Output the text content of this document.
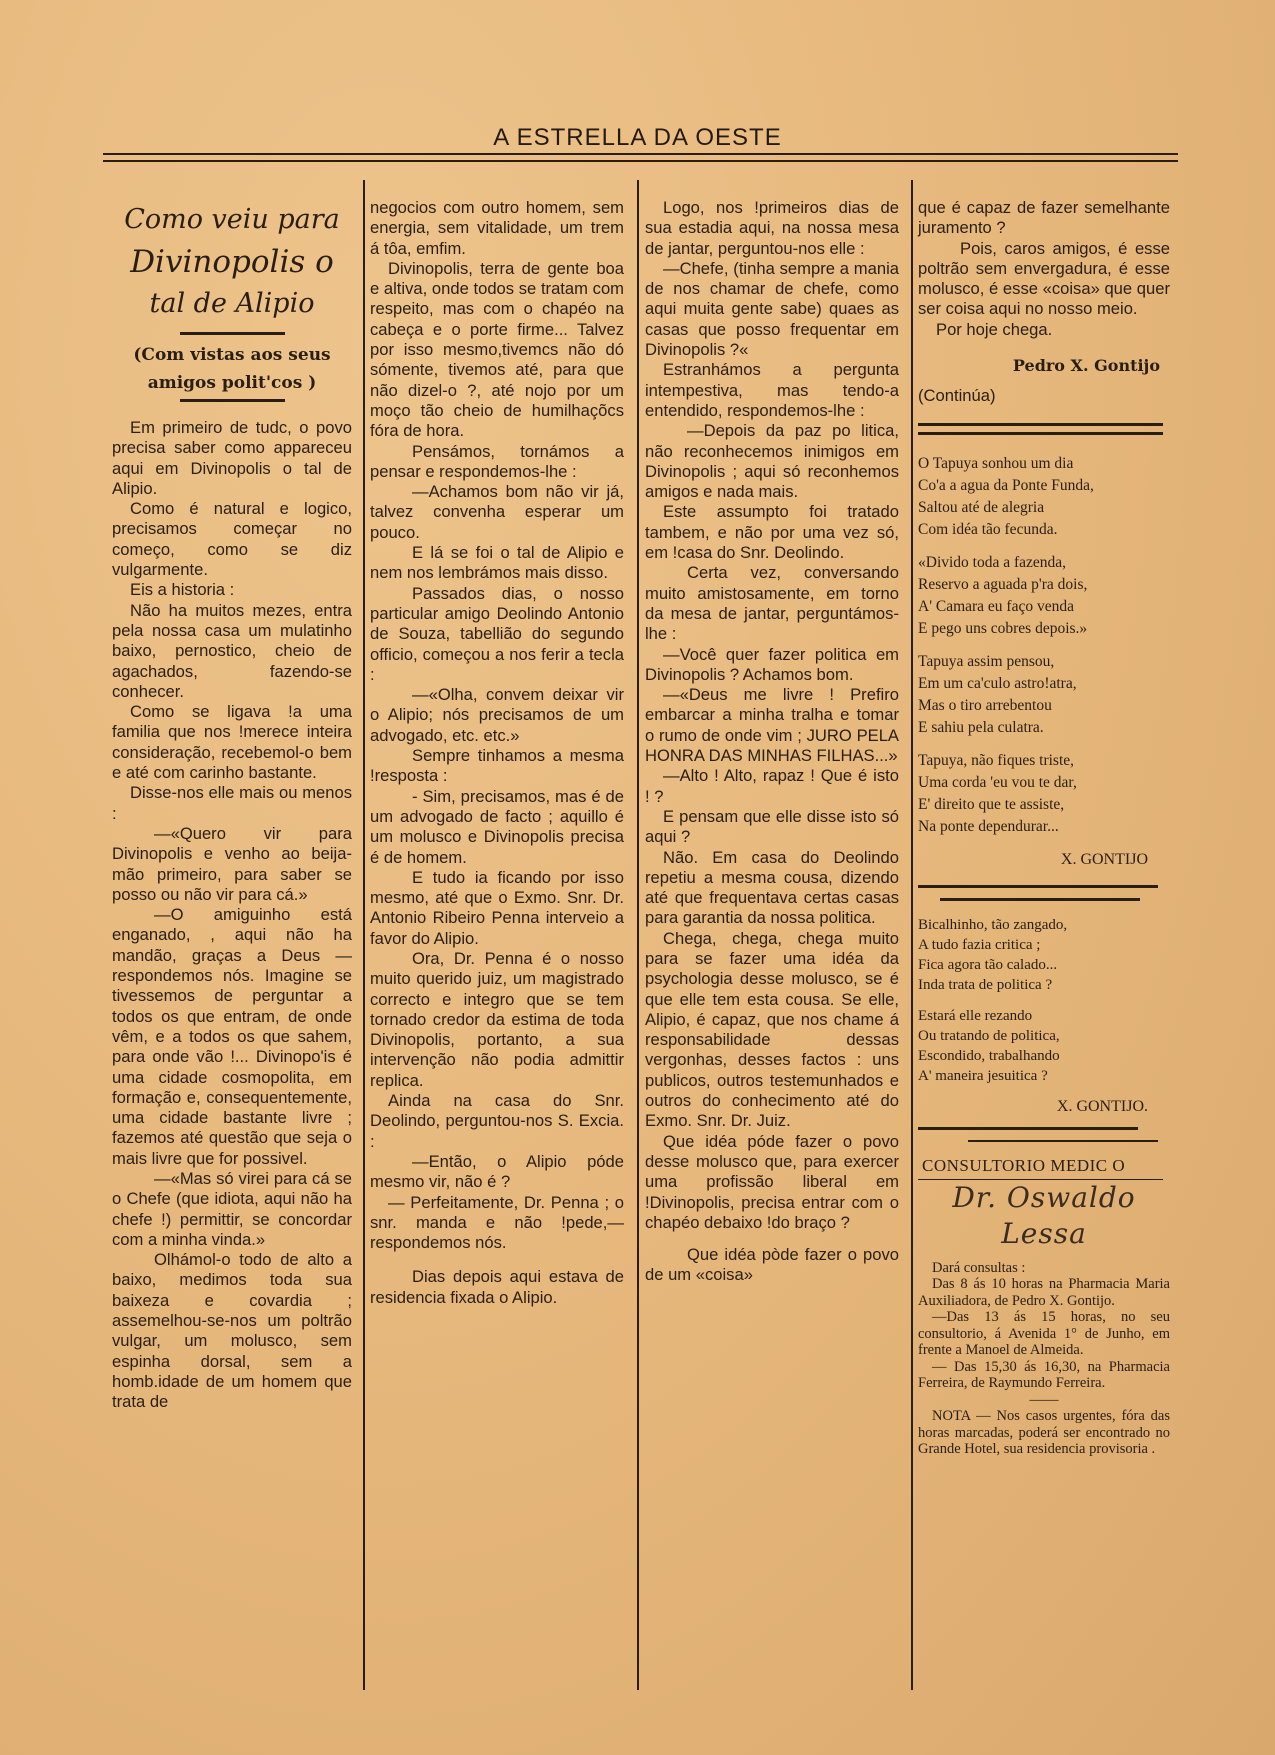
A ESTRELLA DA OESTE
Como veiu para
Divinopolis o
tal de Alipio
(Com vistas aos seus
amigos polit'cos )

Em primeiro de tudc, o povo precisa saber como appareceu aqui em Divinopolis o tal de Alipio.

Como é natural e logico, precisamos começar no começo, como se diz vulgarmente.

Eis a historia :

Não ha muitos mezes, entra pela nossa casa um mulatinho baixo, pernostico, cheio de agachados, fazendo-se conhecer.

Como se ligava !a uma familia que nos !merece inteira consideração, recebemol-o bem e até com carinho bastante.

Disse-nos elle mais ou menos :

—«Quero vir para Divinopolis e venho ao beija-mão primeiro, para saber se posso ou não vir para cá.»

—O amiguinho está enganado, , aqui não ha mandão, graças a Deus —respondemos nós. Imagine se tivessemos de perguntar a todos os que entram, de onde vêm, e a todos os que sahem, para onde vão !... Divinopo'is é uma cidade cosmopolita, em formação e, consequentemente, uma cidade bastante livre ; fazemos até questão que seja o mais livre que for possivel.

—«Mas só virei para cá se o Chefe (que idiota, aqui não ha chefe !) permittir, se concordar com a minha vinda.»

Olhámol-o todo de alto a baixo, medimos toda sua baixeza e covardia ; assemelhou-se-nos um poltrão vulgar, um molusco, sem espinha dorsal, sem a homb.idade de um homem que trata de

negocios com outro homem, sem energia, sem vitalidade, um trem á tôa, emfim.

Divinopolis, terra de gente boa e altiva, onde todos se tratam com respeito, mas com o chapéo na cabeça e o porte firme... Talvez por isso mesmo,tivemcs não dó sómente, tivemos até, para que não dizel-o ?, até nojo por um moço tão cheio de humilhaçõcs fóra de hora.

Pensámos, tornámos a pensar e respondemos-lhe :

—Achamos bom não vir já, talvez convenha esperar um pouco.

E lá se foi o tal de Alipio e nem nos lembrámos mais disso.

Passados dias, o nosso particular amigo Deolindo Antonio de Souza, tabellião do segundo officio, começou a nos ferir a tecla :

—«Olha, convem deixar vir o Alipio; nós precisamos de um advogado, etc. etc.»

Sempre tinhamos a mesma !resposta :

- Sim, precisamos, mas é de um advogado de facto ; aquillo é um molusco e Divinopolis precisa é de homem.

E tudo ia ficando por isso mesmo, até que o Exmo. Snr. Dr. Antonio Ribeiro Penna interveio a favor do Alipio.

Ora, Dr. Penna é o nosso muito querido juiz, um magistrado correcto e integro que se tem tornado credor da estima de toda Divinopolis, portanto, a sua intervenção não podia admittir replica.

Ainda na casa do Snr. Deolindo, perguntou-nos S. Excia. :

—Então, o Alipio póde mesmo vir, não é ?

— Perfeitamente, Dr. Penna ; o snr. manda e não !pede,—respondemos nós.

Dias depois aqui estava de residencia fixada o Alipio.

Logo, nos !primeiros dias de sua estadia aqui, na nossa mesa de jantar, perguntou-nos elle :

—Chefe, (tinha sempre a mania de nos chamar de chefe, como aqui muita gente sabe) quaes as casas que posso frequentar em Divinopolis ?«

Estranhámos a pergunta intempestiva, mas tendo-a entendido, respondemos-lhe :

—Depois da paz po litica, não reconhecemos inimigos em Divinopolis ; aqui só reconhemos amigos e nada mais.

Este assumpto foi tratado tambem, e não por uma vez só, em !casa do Snr. Deolindo.

Certa vez, conversando muito amistosamente, em torno da mesa de jantar, perguntámos-lhe :

—Você quer fazer politica em Divinopolis ? Achamos bom.

—«Deus me livre ! Prefiro embarcar a minha tralha e tomar o rumo de onde vim ; JURO PELA HONRA DAS MINHAS FILHAS...»

—Alto ! Alto, rapaz ! Que é isto ! ?

E pensam que elle disse isto só aqui ?

Não. Em casa do Deolindo repetiu a mesma cousa, dizendo até que frequentava certas casas para garantia da nossa politica.

Chega, chega, chega muito para se fazer uma idéa da psychologia desse molusco, se é que elle tem esta cousa. Se elle, Alipio, é capaz, que nos chame á responsabilidade dessas vergonhas, desses factos : uns publicos, outros testemunhados e outros do conhecimento até do Exmo. Snr. Dr. Juiz.

Que idéa póde fazer o povo desse molusco que, para exercer uma profissão liberal em !Divinopolis, precisa entrar com o chapéo debaixo !do braço ?

Que idéa pòde fazer o povo de um «coisa»

que é capaz de fazer semelhante juramento ?

Pois, caros amigos, é esse poltrão sem envergadura, é esse molusco, é esse «coisa» que quer ser coisa aqui no nosso meio.

Por hoje chega.

Pedro X. Gontijo
(Continúa)
O Tapuya sonhou um dia
Co'a a agua da Ponte Funda,
Saltou até de alegria
Com idéa tão fecunda.
«Divido toda a fazenda,
Reservo a aguada p'ra dois,
A' Camara eu faço venda
E pego uns cobres depois.»
Tapuya assim pensou,
Em um ca'culo astro!atra,
Mas o tiro arrebentou
E sahiu pela culatra.
Tapuya, não fiques triste,
Uma corda 'eu vou te dar,
E' direito que te assiste,
Na ponte dependurar...
X. GONTIJO
Bicalhinho, tão zangado,
A tudo fazia critica ;
Fica agora tão calado...
Inda trata de politica ?
Estará elle rezando
Ou tratando de politica,
Escondido, trabalhando
A' maneira jesuitica ?
X. GONTIJO.
CONSULTORIO MEDIC O
Dr. Oswaldo
Lessa

Dará consultas :

Das 8 ás 10 horas na Pharmacia Maria Auxiliadora, de Pedro X. Gontijo.

—Das 13 ás 15 horas, no seu consultorio, á Avenida 1° de Junho, em frente a Manoel de Almeida.

— Das 15,30 ás 16,30, na Pharmacia Ferreira, de Raymundo Ferreira.

——

NOTA — Nos casos urgentes, fóra das horas marcadas, poderá ser encontrado no Grande Hotel, sua residencia provisoria .
